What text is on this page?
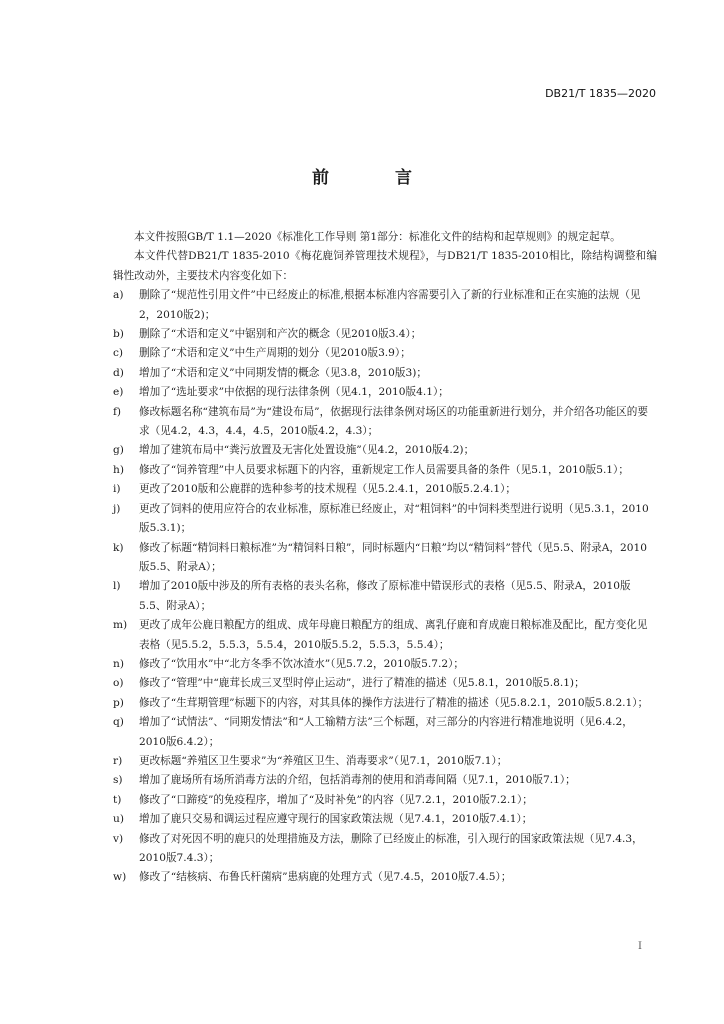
DB21/T 1835—2020
前 言

本文件按照GB/T 1.1—2020《标准化工作导则 第1部分：标准化文件的结构和起草规则》的规定起草。

本文件代替DB21/T 1835-2010《梅花鹿饲养管理技术规程》，与DB21/T 1835-2010相比，除结构调整和编辑性改动外，主要技术内容变化如下：

a)	删除了“规范性引用文件”中已经废止的标准,根据本标准内容需要引入了新的行业标准和正在实施的法规（见2，2010版2)；
b)	删除了“术语和定义”中锯别和产次的概念（见2010版3.4）；
c)	删除了“术语和定义”中生产周期的划分（见2010版3.9）；
d)	增加了“术语和定义”中同期发情的概念（见3.8，2010版3)；
e)	增加了“选址要求”中依据的现行法律条例（见4.1，2010版4.1）；
f)	修改标题名称“建筑布局”为“建设布局”，依据现行法律条例对场区的功能重新进行划分，并介绍各功能区的要求（见4.2，4.3，4.4，4.5，2010版4.2，4.3）；
g)	增加了建筑布局中“粪污放置及无害化处置设施”（见4.2，2010版4.2)；
h)	修改了“饲养管理”中人员要求标题下的内容，重新规定工作人员需要具备的条件（见5.1，2010版5.1）；
i)	更改了2010版和公鹿群的选种参考的技术规程（见5.2.4.1，2010版5.2.4.1）；
j)	更改了饲料的使用应符合的农业标准，原标准已经废止，对“粗饲料”的中饲料类型进行说明（见5.3.1，2010版5.3.1)；
k)	修改了标题“精饲料日粮标准”为“精饲料日粮”，同时标题内“日粮”均以“精饲料”替代（见5.5、附录A，2010版5.5、附录A）；
l)	增加了2010版中涉及的所有表格的表头名称，修改了原标准中错误形式的表格（见5.5、附录A，2010版5.5、附录A）；
m)	更改了成年公鹿日粮配方的组成、成年母鹿日粮配方的组成、离乳仔鹿和育成鹿日粮标准及配比，配方变化见表格（见5.5.2，5.5.3，5.5.4，2010版5.5.2，5.5.3，5.5.4）；
n)	修改了“饮用水”中“北方冬季不饮冰渣水”（见5.7.2，2010版5.7.2）；
o)	修改了“管理”中“鹿茸长成三叉型时停止运动”，进行了精准的描述（见5.8.1，2010版5.8.1)；
p)	修改了“生茸期管理”标题下的内容，对其具体的操作方法进行了精准的描述（见5.8.2.1，2010版5.8.2.1）；
q)	增加了“试情法”、“同期发情法”和“人工输精方法”三个标题，对三部分的内容进行精准地说明（见6.4.2，2010版6.4.2）；
r)	更改标题“养殖区卫生要求”为“养殖区卫生、消毒要求”（见7.1，2010版7.1）；
s)	增加了鹿场所有场所消毒方法的介绍，包括消毒剂的使用和消毒间隔（见7.1，2010版7.1）；
t)	修改了“口蹄疫”的免疫程序，增加了“及时补免”的内容（见7.2.1，2010版7.2.1）；
u)	增加了鹿只交易和调运过程应遵守现行的国家政策法规（见7.4.1，2010版7.4.1）；
v)	修改了对死因不明的鹿只的处理措施及方法，删除了已经废止的标准，引入现行的国家政策法规（见7.4.3，2010版7.4.3）；
w)	修改了“结核病、布鲁氏杆菌病”患病鹿的处理方式（见7.4.5，2010版7.4.5）；
I
